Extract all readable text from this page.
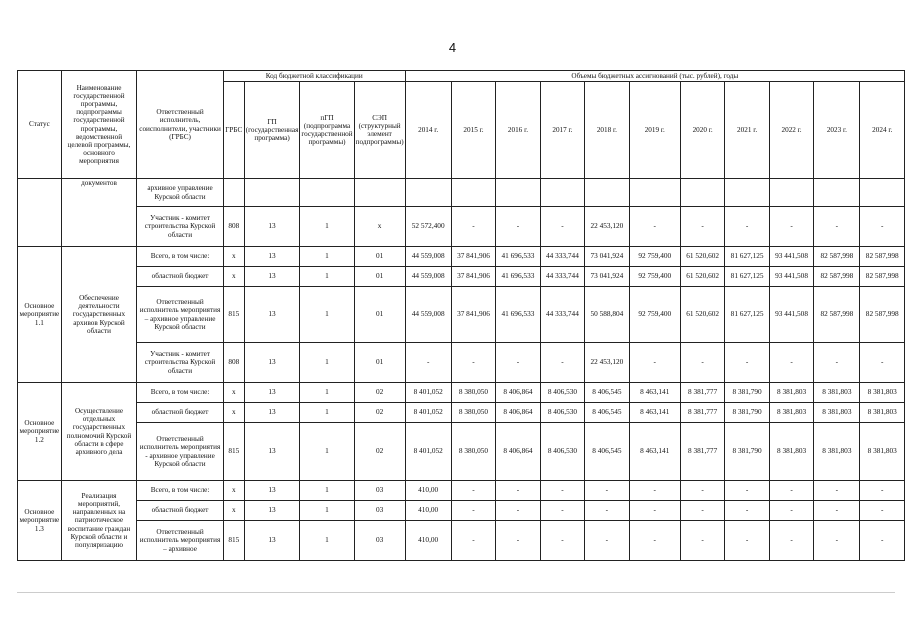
4
Статус	Наименование государственной программы, подпрограммы государственной программы, ведомственной целевой программы, основного мероприятия	Ответственный исполнитель, соисполнители, участники (ГРБС)	Код бюджетной классификации				Объемы бюджетных ассигнований (тыс. рублей), годы										
			ГРБС	ГП (государственная программа)	пГП (подпрограмма государственной программы)	СЭП (структурный элемент подпрограммы)	2014 г.	2015 г.	2016 г.	2017 г.	2018 г.	2019 г.	2020 г.	2021 г.	2022 г.	2023 г.	2024 г.
	документов	архивное управление Курской области															
		Участник - комитет строительства Курской области	808	13	1	x	52 572,400	-	-	-	22 453,120	-	-	-	-	-	-
Основное мероприятие 1.1	Обеспечение деятельности государственных архивов Курской области	Всего, в том числе:	x	13	1	01	44 559,008	37 841,906	41 696,533	44 333,744	73 041,924	92 759,400	61 520,602	81 627,125	93 441,508	82 587,998	82 587,998
		областной бюджет	x	13	1	01	44 559,008	37 841,906	41 696,533	44 333,744	73 041,924	92 759,400	61 520,602	81 627,125	93 441,508	82 587,998	82 587,998
		Ответственный исполнитель мероприятия – архивное управление Курской области	815	13	1	01	44 559,008	37 841,906	41 696,533	44 333,744	50 588,804	92 759,400	61 520,602	81 627,125	93 441,508	82 587,998	82 587,998
		Участник - комитет строительства Курской области	808	13	1	01	-	-	-	-	22 453,120	-	-	-	-	-	-
Основное мероприятие 1.2	Осуществление отдельных государственных полномочий Курской области в сфере архивного дела	Всего, в том числе:	x	13	1	02	8 401,052	8 380,050	8 406,864	8 406,530	8 406,545	8 463,141	8 381,777	8 381,790	8 381,803	8 381,803	8 381,803
		областной бюджет	x	13	1	02	8 401,052	8 380,050	8 406,864	8 406,530	8 406,545	8 463,141	8 381,777	8 381,790	8 381,803	8 381,803	8 381,803
		Ответственный исполнитель мероприятия - архивное управление Курской области	815	13	1	02	8 401,052	8 380,050	8 406,864	8 406,530	8 406,545	8 463,141	8 381,777	8 381,790	8 381,803	8 381,803	8 381,803
Основное мероприятие 1.3	Реализация мероприятий, направленных на патриотическое воспитание граждан Курской области и популяризацию	Всего, в том числе:	x	13	1	03	410,00	-	-	-	-	-	-	-	-	-	-
		областной бюджет	x	13	1	03	410,00	-	-	-	-	-	-	-	-	-	-
		Ответственный исполнитель мероприятия – архивное	815	13	1	03	410,00	-	-	-	-	-	-	-	-	-	-
